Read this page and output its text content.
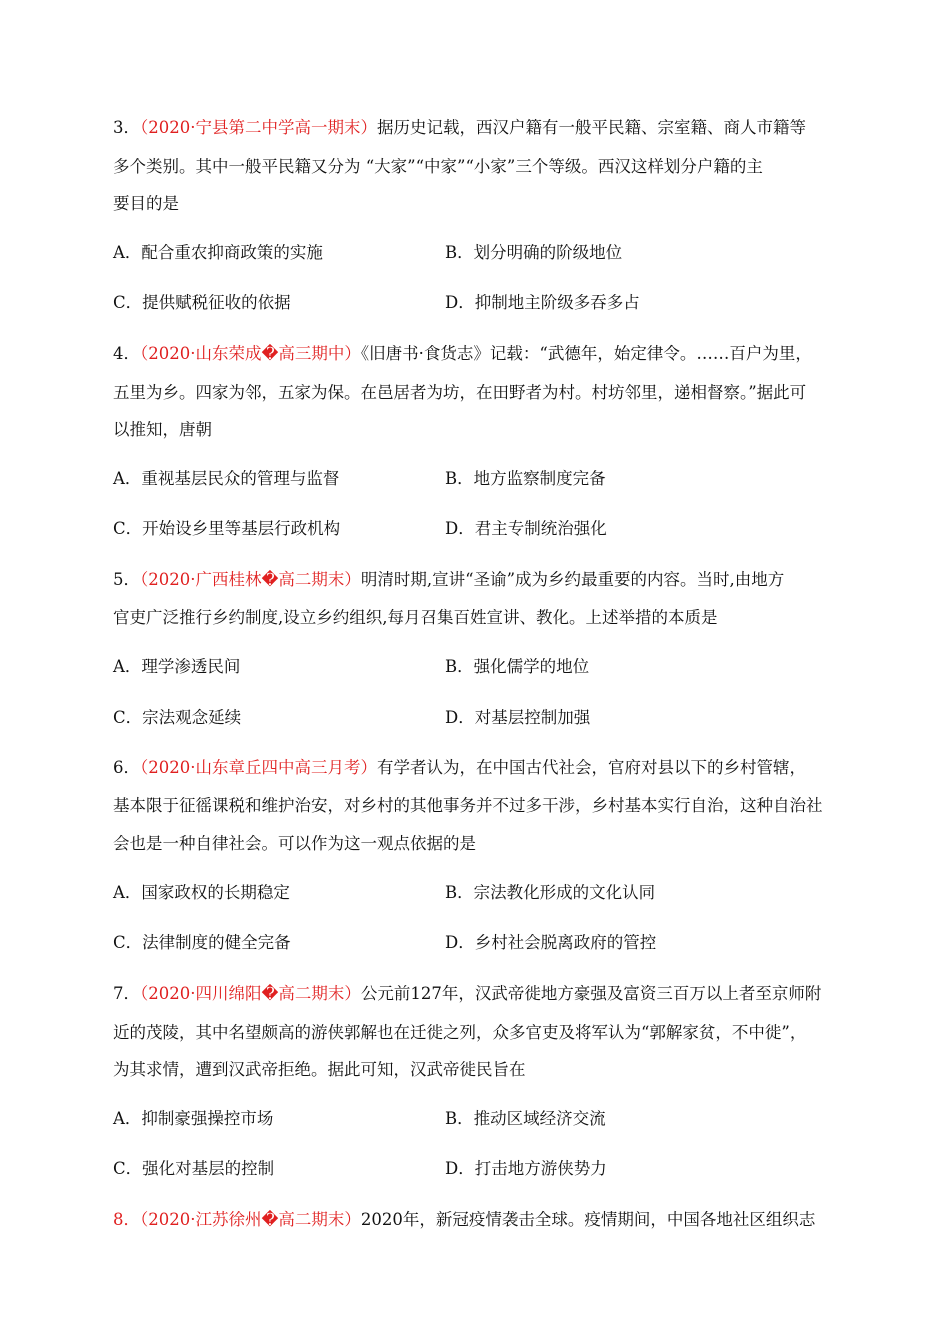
3．（2020·宁县第二中学高一期末）据历史记载，西汉户籍有一般平民籍、宗室籍、商人市籍等
多个类别。其中一般平民籍又分为 “大家”“中家”“小家”三个等级。西汉这样划分户籍的主
要目的是
A．配合重农抑商政策的实施	B．划分明确的阶级地位
C．提供赋税征收的依据	D．抑制地主阶级多吞多占
4．（2020·山东荣成�高三期中）《旧唐书·食货志》记载：“武德年，始定律令。……百户为里，
五里为乡。四家为邻，五家为保。在邑居者为坊，在田野者为村。村坊邻里，递相督察。”据此可
以推知，唐朝
A．重视基层民众的管理与监督	B．地方监察制度完备
C．开始设乡里等基层行政机构	D．君主专制统治强化
5．（2020·广西桂林�高二期末）明清时期,宣讲“圣谕”成为乡约最重要的内容。当时,由地方
官吏广泛推行乡约制度,设立乡约组织,每月召集百姓宣讲、教化。上述举措的本质是
A．理学渗透民间	B．强化儒学的地位
C．宗法观念延续	D．对基层控制加强
6．（2020·山东章丘四中高三月考）有学者认为，在中国古代社会，官府对县以下的乡村管辖，
基本限于征徭课税和维护治安，对乡村的其他事务并不过多干涉，乡村基本实行自治，这种自治社
会也是一种自律社会。可以作为这一观点依据的是
A．国家政权的长期稳定	B．宗法教化形成的文化认同
C．法律制度的健全完备	D．乡村社会脱离政府的管控
7．（2020·四川绵阳�高二期末）公元前127年，汉武帝徙地方豪强及富资三百万以上者至京师附
近的茂陵，其中名望颇高的游侠郭解也在迁徙之列，众多官吏及将军认为“郭解家贫，不中徙”，
为其求情，遭到汉武帝拒绝。据此可知，汉武帝徙民旨在
A．抑制豪强操控市场	B．推动区域经济交流
C．强化对基层的控制	D．打击地方游侠势力
8．（2020·江苏徐州�高二期末）2020年，新冠疫情袭击全球。疫情期间，中国各地社区组织志
